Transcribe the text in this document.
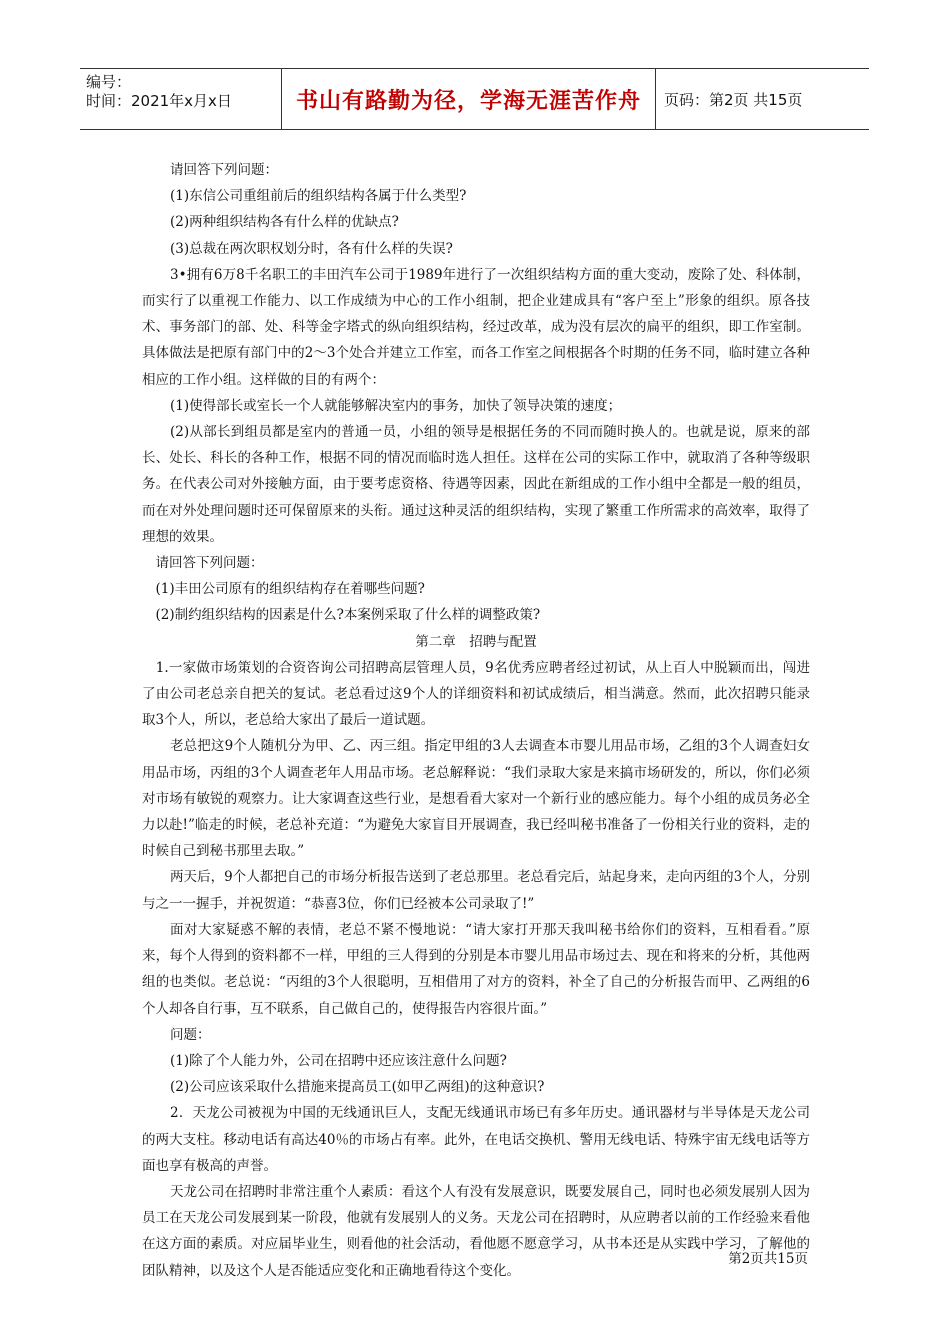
编号：
时间：2021年x月x日	书山有路勤为径，学海无涯苦作舟	页码：第2页 共15页

请回答下列问题：

(1)东信公司重组前后的组织结构各属于什么类型?

(2)两种组织结构各有什么样的优缺点?

(3)总裁在两次职权划分时，各有什么样的失误?

3•拥有6万8千名职工的丰田汽车公司于1989年进行了一次组织结构方面的重大变动，废除了处、科体制，而实行了以重视工作能力、以工作成绩为中心的工作小组制，把企业建成具有“客户至上”形象的组织。原各技术、事务部门的部、处、科等金字塔式的纵向组织结构，经过改革，成为没有层次的扁平的组织，即工作室制。具体做法是把原有部门中的2～3个处合并建立工作室，而各工作室之间根据各个时期的任务不同，临时建立各种相应的工作小组。这样做的目的有两个：

(1)使得部长或室长一个人就能够解决室内的事务，加快了领导决策的速度；

(2)从部长到组员都是室内的普通一员，小组的领导是根据任务的不同而随时换人的。也就是说，原来的部长、处长、科长的各种工作，根据不同的情况而临时选人担任。这样在公司的实际工作中，就取消了各种等级职务。在代表公司对外接触方面，由于要考虑资格、待遇等因素，因此在新组成的工作小组中全都是一般的组员，而在对外处理问题时还可保留原来的头衔。通过这种灵活的组织结构，实现了繁重工作所需求的高效率，取得了理想的效果。

　请回答下列问题：

　(1)丰田公司原有的组织结构存在着哪些问题?

　(2)制约组织结构的因素是什么?本案例采取了什么样的调整政策?

第二章　招聘与配置

　1.一家做市场策划的合资咨询公司招聘高层管理人员，9名优秀应聘者经过初试，从上百人中脱颖而出，闯进了由公司老总亲自把关的复试。老总看过这9个人的详细资料和初试成绩后，相当满意。然而，此次招聘只能录取3个人，所以，老总给大家出了最后一道试题。

老总把这9个人随机分为甲、乙、丙三组。指定甲组的3人去调查本市婴儿用品市场，乙组的3个人调查妇女用品市场，丙组的3个人调查老年人用品市场。老总解释说：“我们录取大家是来搞市场研发的，所以，你们必须对市场有敏锐的观察力。让大家调查这些行业，是想看看大家对一个新行业的感应能力。每个小组的成员务必全力以赴!”临走的时候，老总补充道：“为避免大家盲目开展调查，我已经叫秘书准备了一份相关行业的资料，走的时候自己到秘书那里去取。”

两天后，9个人都把自己的市场分析报告送到了老总那里。老总看完后，站起身来，走向丙组的3个人，分别与之一一握手，并祝贺道：“恭喜3位，你们已经被本公司录取了!”

面对大家疑惑不解的表情，老总不紧不慢地说：“请大家打开那天我叫秘书给你们的资料，互相看看。”原来，每个人得到的资料都不一样，甲组的三人得到的分别是本市婴儿用品市场过去、现在和将来的分析，其他两组的也类似。老总说：“丙组的3个人很聪明，互相借用了对方的资料，补全了自己的分析报告而甲、乙两组的6个人却各自行事，互不联系，自己做自己的，使得报告内容很片面。”

问题：

(1)除了个人能力外，公司在招聘中还应该注意什么问题?

(2)公司应该采取什么措施来提高员工(如甲乙两组)的这种意识?

2．天龙公司被视为中国的无线通讯巨人，支配无线通讯市场已有多年历史。通讯器材与半导体是天龙公司的两大支柱。移动电话有高达40％的市场占有率。此外，在电话交换机、警用无线电话、特殊宇宙无线电话等方面也享有极高的声誉。

天龙公司在招聘时非常注重个人素质：看这个人有没有发展意识，既要发展自己，同时也必须发展别人因为员工在天龙公司发展到某一阶段，他就有发展别人的义务。天龙公司在招聘时，从应聘者以前的工作经验来看他在这方面的素质。对应届毕业生，则看他的社会活动，看他愿不愿意学习，从书本还是从实践中学习，了解他的团队精神，以及这个人是否能适应变化和正确地看待这个变化。

第2页共15页
